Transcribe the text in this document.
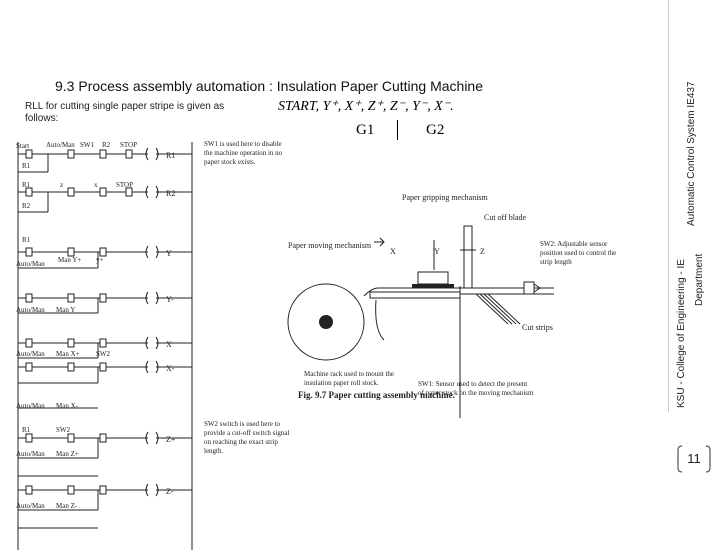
9.3 Process assembly automation : Insulation Paper Cutting Machine
RLL for cutting single paper stripe is given as follows:
START, Y⁺, X⁺, Z⁺, Z⁻, Y⁻, X⁻.
G1	G2
Start Auto/Man SW1 R2 STOP
R1
R1	z	x	STOP
R2
R1
Auto/Man Man Y+ y+
Auto/Man Man Y
Auto/Man Man X+ SW2
Auto/Man Man X-
R1	SW2
Auto/Man Man Z+
Auto/Man Man Z-
R1
R2
Y
Y-
X
X-
Z+
Z-
SW1 is used here to disable the machine operation in no paper stock exists.
SW2 switch is used here to provide a cut-off switch signal on reaching the exact strip length.
Paper gripping mechanism
Cut off blade
Paper moving mechanism
X	Y	Z
Cut strips
Fig. 9.7 Paper cutting assembly machine.
SW2: Adjustable sensor position used to control the strip length
Machine rack used to mount the insulation paper roll stock.	SW1: Sensor used to detect the present of paper stock on the moving mechanism	KSU - College of Engineering - IE Department
Automatic Control System IE437
11
